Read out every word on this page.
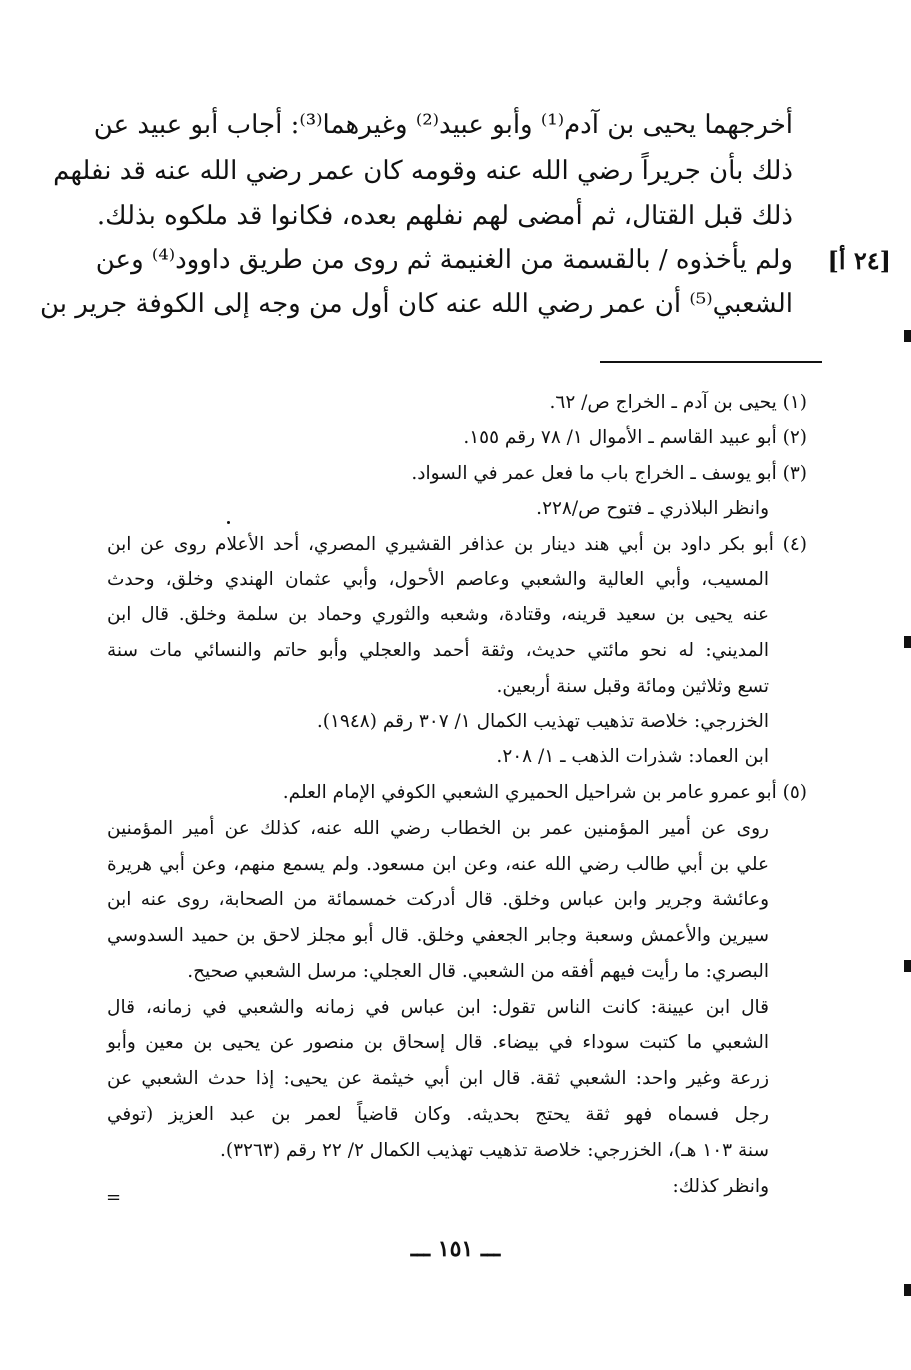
أخرجهما يحيى بن آدم⁽¹⁾ وأبو عبيد⁽²⁾ وغيرهما⁽³⁾: أجاب أبو عبيد عن
ذلك بأن جريراً رضي الله عنه وقومه كان عمر رضي الله عنه قد نفلهم
ذلك قبل القتال، ثم أمضى لهم نفلهم بعده، فكانوا قد ملكوه بذلك.
ولم يأخذوه / بالقسمة من الغنيمة ثم روى من طريق داوود⁽⁴⁾ وعن
الشعبي⁽⁵⁾ أن عمر رضي الله عنه كان أول من وجه إلى الكوفة جرير بن
[٢٤ أ]
(١) يحيى بن آدم ـ الخراج ص/ ٦٢.
(٢) أبو عبيد القاسم ـ الأموال ١/ ٧٨ رقم ١٥٥.
(٣) أبو يوسف ـ الخراج باب ما فعل عمر في السواد.
وانظر البلاذري ـ فتوح ص/٢٢٨.
(٤) أبو بكر داود بن أبي هند دينار بن عذافر القشيري المصري، أحد الأعلام روى عن ابن
المسيب، وأبي العالية والشعبي وعاصم الأحول، وأبي عثمان الهندي وخلق، وحدث
عنه يحيى بن سعيد قرينه، وقتادة، وشعبه والثوري وحماد بن سلمة وخلق. قال ابن
المديني: له نحو مائتي حديث، وثقة أحمد والعجلي وأبو حاتم والنسائي مات سنة
تسع وثلاثين ومائة وقبل سنة أربعين.
الخزرجي: خلاصة تذهيب تهذيب الكمال ١/ ٣٠٧ رقم (١٩٤٨).
ابن العماد: شذرات الذهب ـ ١/ ٢٠٨.
(٥) أبو عمرو عامر بن شراحيل الحميري الشعبي الكوفي الإمام العلم.
روى عن أمير المؤمنين عمر بن الخطاب رضي الله عنه، كذلك عن أمير المؤمنين
علي بن أبي طالب رضي الله عنه، وعن ابن مسعود. ولم يسمع منهم، وعن أبي هريرة
وعائشة وجرير وابن عباس وخلق. قال أدركت خمسمائة من الصحابة، روى عنه ابن
سيرين والأعمش وسعبة وجابر الجعفي وخلق. قال أبو مجلز لاحق بن حميد السدوسي
البصري: ما رأيت فيهم أفقه من الشعبي. قال العجلي: مرسل الشعبي صحيح.
قال ابن عيينة: كانت الناس تقول: ابن عباس في زمانه والشعبي في زمانه، قال
الشعبي ما كتبت سوداء في بيضاء. قال إسحاق بن منصور عن يحيى بن معين وأبو
زرعة وغير واحد: الشعبي ثقة. قال ابن أبي خيثمة عن يحيى: إذا حدث الشعبي عن
رجل فسماه فهو ثقة يحتج بحديثه. وكان قاضياً لعمر بن عبد العزيز (توفي
سنة ١٠٣ هـ)، الخزرجي: خلاصة تذهيب تهذيب الكمال ٢/ ٢٢ رقم (٣٢٦٣).
وانظر كذلك:
=
ـــ ١٥١ ـــ
